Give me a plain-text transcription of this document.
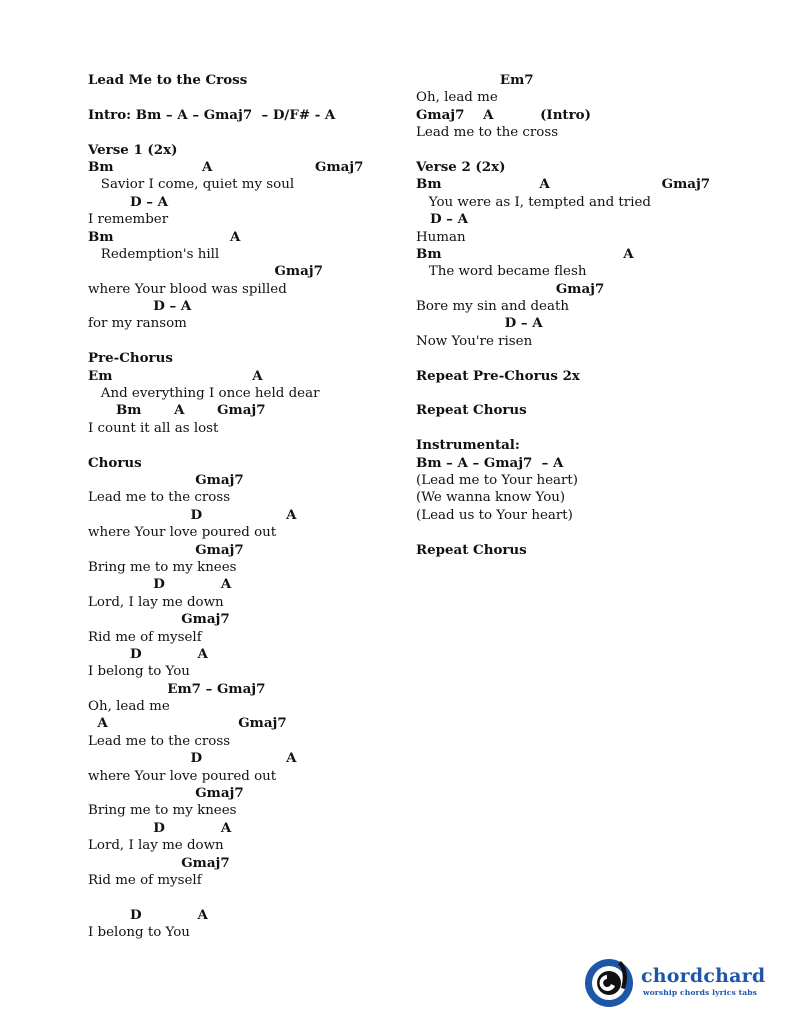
Lead Me to the Cross
Intro: Bm – A – Gmaj7  – D/F# - A
Verse 1 (2x)
Bm                   A                      Gmaj7
Savior I come, quiet my soul
D – A
I remember
Bm                         A
Redemption's hill
Gmaj7
where Your blood was spilled
D – A
for my ransom
Pre-Chorus
Em                              A
And everything I once held dear
Bm       A       Gmaj7
I count it all as lost
Chorus
Gmaj7
Lead me to the cross
D                  A
where Your love poured out
Gmaj7
Bring me to my knees
D            A
Lord, I lay me down
Gmaj7
Rid me of myself
D            A
I belong to You
Em7 – Gmaj7
Oh, lead me
A                            Gmaj7
Lead me to the cross
D                  A
where Your love poured out
Gmaj7
Bring me to my knees
D            A
Lord, I lay me down
Gmaj7
Rid me of myself
D            A
I belong to You
Em7
Oh, lead me
Gmaj7    A          (Intro)
Lead me to the cross
Verse 2 (2x)
Bm                     A                        Gmaj7
You were as I, tempted and tried
D – A
Human
Bm                                       A
The word became flesh
Gmaj7
Bore my sin and death
D – A
Now You're risen
Repeat Pre-Chorus 2x
Repeat Chorus
Instrumental:
Bm – A – Gmaj7  – A
(Lead me to Your heart)
(We wanna know You)
(Lead us to Your heart)
Repeat Chorus
chordchard
worship chords lyrics tabs
